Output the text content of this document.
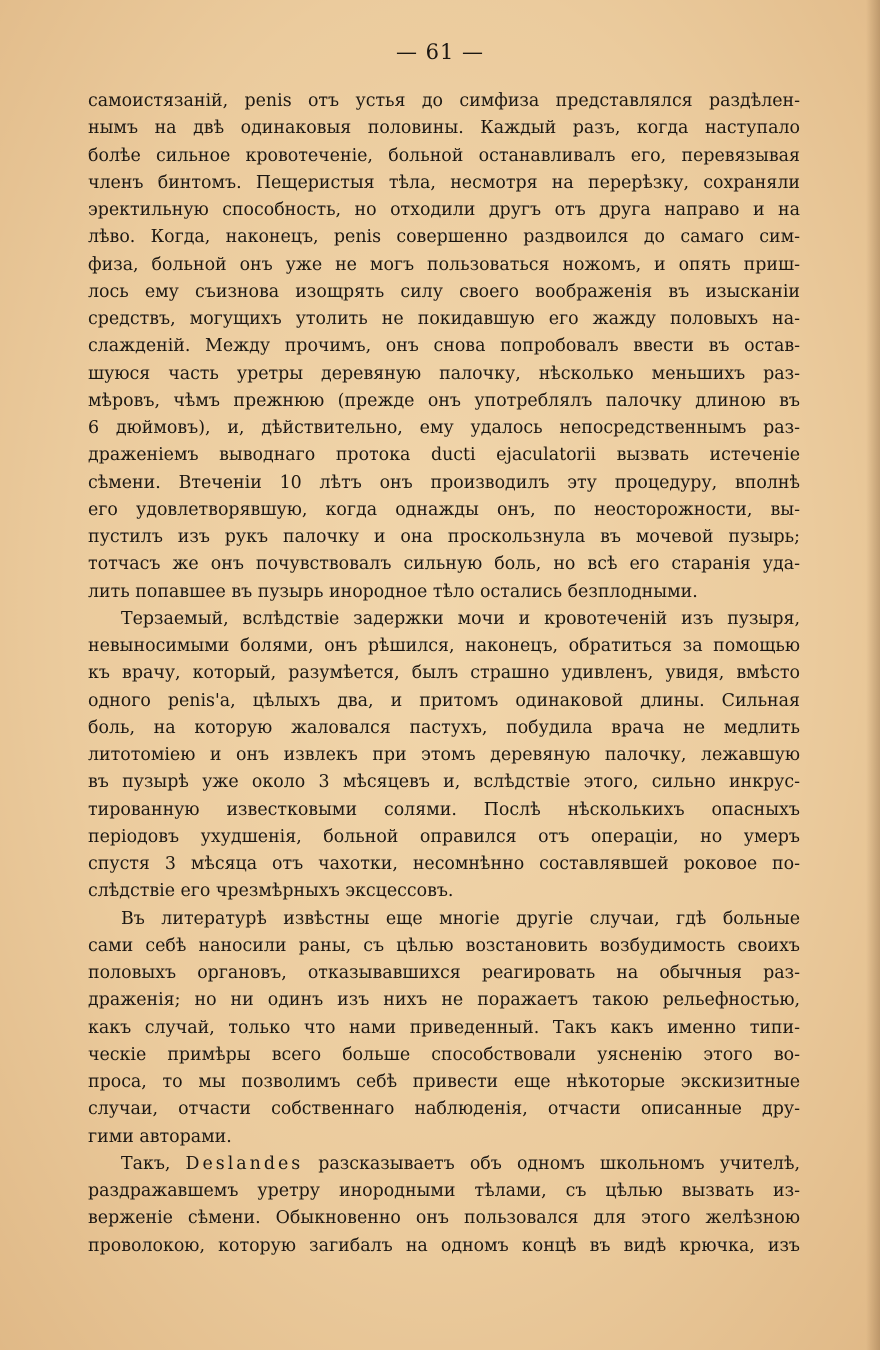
— 61 —
самоистязаній, penis отъ устья до симфиза представлялся раздѣлен-
нымъ на двѣ одинаковыя половины. Каждый разъ, когда наступало
болѣе сильное кровотеченіе, больной останавливалъ его, перевязывая
членъ бинтомъ. Пещеристыя тѣла, несмотря на перерѣзку, сохраняли
эректильную способность, но отходили другъ отъ друга направо и на
лѣво. Когда, наконецъ, penis совершенно раздвоился до самаго сим-
физа, больной онъ уже не могъ пользоваться ножомъ, и опять приш-
лось ему съизнова изощрять силу своего воображенія въ изысканіи
средствъ, могущихъ утолить не покидавшую его жажду половыхъ на-
слажденій. Между прочимъ, онъ снова попробовалъ ввести въ остав-
шуюся часть уретры деревяную палочку, нѣсколько меньшихъ раз-
мѣровъ, чѣмъ прежнюю (прежде онъ употреблялъ палочку длиною въ
6 дюймовъ), и, дѣйствительно, ему удалось непосредственнымъ раз-
драженіемъ выводнаго протока ducti ejaculatorii вызвать истеченіе
сѣмени. Втеченіи 10 лѣтъ онъ производилъ эту процедуру, вполнѣ
его удовлетворявшую, когда однажды онъ, по неосторожности, вы-
пустилъ изъ рукъ палочку и она проскользнула въ мочевой пузырь;
тотчасъ же онъ почувствовалъ сильную боль, но всѣ его старанія уда-
лить попавшее въ пузырь инородное тѣло остались безплодными.
Терзаемый, вслѣдствіе задержки мочи и кровотеченій изъ пузыря,
невыносимыми болями, онъ рѣшился, наконецъ, обратиться за помощью
къ врачу, который, разумѣется, былъ страшно удивленъ, увидя, вмѣсто
одного penis'а, цѣлыхъ два, и притомъ одинаковой длины. Сильная
боль, на которую жаловался пастухъ, побудила врача не медлить
литотоміею и онъ извлекъ при этомъ деревяную палочку, лежавшую
въ пузырѣ уже около 3 мѣсяцевъ и, вслѣдствіе этого, сильно инкрус-
тированную известковыми солями. Послѣ нѣсколькихъ опасныхъ
періодовъ ухудшенія, больной оправился отъ операціи, но умеръ
спустя 3 мѣсяца отъ чахотки, несомнѣнно составлявшей роковое по-
слѣдствіе его чрезмѣрныхъ эксцессовъ.
Въ литературѣ извѣстны еще многіе другіе случаи, гдѣ больные
сами себѣ наносили раны, съ цѣлью возстановить возбудимость своихъ
половыхъ органовъ, отказывавшихся реагировать на обычныя раз-
драженія; но ни одинъ изъ нихъ не поражаетъ такою рельефностью,
какъ случай, только что нами приведенный. Такъ какъ именно типи-
ческіе примѣры всего больше способствовали уясненію этого во-
проса, то мы позволимъ себѣ привести еще нѣкоторые экскизитные
случаи, отчасти собственнаго наблюденія, отчасти описанные дру-
гими авторами.
Такъ, Deslandes разсказываетъ объ одномъ школьномъ учителѣ,
раздражавшемъ уретру инородными тѣлами, съ цѣлью вызвать из-
верженіе сѣмени. Обыкновенно онъ пользовался для этого желѣзною
проволокою, которую загибалъ на одномъ концѣ въ видѣ крючка, изъ
